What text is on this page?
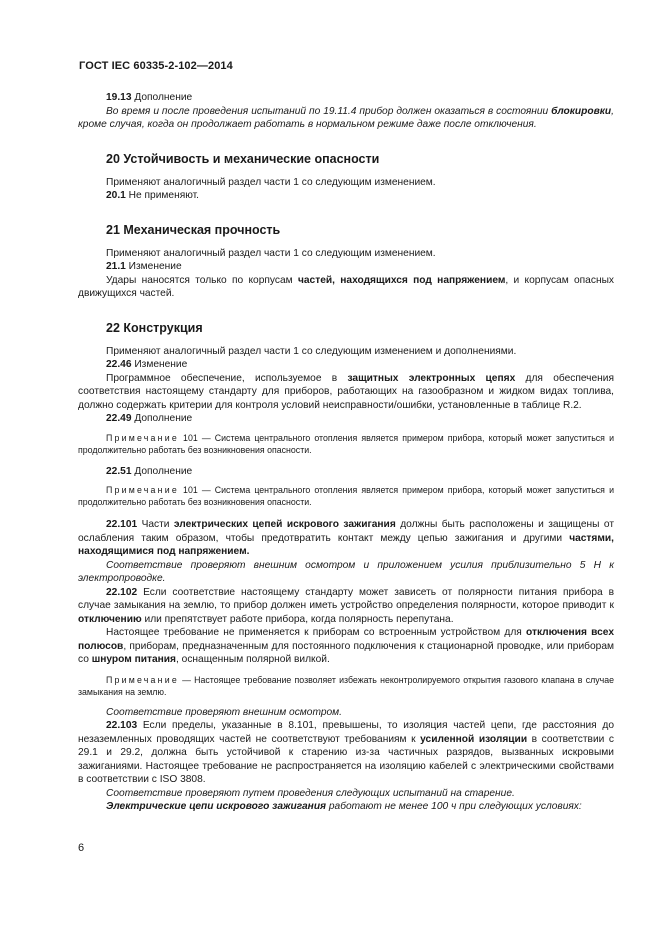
ГОСТ IEC 60335-2-102—2014

19.13 Дополнение

Во время и после проведения испытаний по 19.11.4 прибор должен оказаться в состоянии блокировки, кроме случая, когда он продолжает работать в нормальном режиме даже после отключения.

20 Устойчивость и механические опасности

Применяют аналогичный раздел части 1 со следующим изменением.

20.1 Не применяют.

21 Механическая прочность

Применяют аналогичный раздел части 1 со следующим изменением.

21.1 Изменение

Удары наносятся только по корпусам частей, находящихся под напряжением, и корпусам опасных движущихся частей.

22 Конструкция

Применяют аналогичный раздел части 1 со следующим изменением и дополнениями.

22.46 Изменение

Программное обеспечение, используемое в защитных электронных цепях для обеспечения соответствия настоящему стандарту для приборов, работающих на газообразном и жидком видах топлива, должно содержать критерии для контроля условий неисправности/ошибки, установленные в таблице R.2.

22.49 Дополнение

Примечание 101 — Система центрального отопления является примером прибора, который может запуститься и продолжительно работать без возникновения опасности.

22.51 Дополнение

Примечание 101 — Система центрального отопления является примером прибора, который может запуститься и продолжительно работать без возникновения опасности.

22.101 Части электрических цепей искрового зажигания должны быть расположены и защищены от ослабления таким образом, чтобы предотвратить контакт между цепью зажигания и другими частями, находящимися под напряжением.

Соответствие проверяют внешним осмотром и приложением усилия приблизительно 5 Н к электропроводке.

22.102 Если соответствие настоящему стандарту может зависеть от полярности питания прибора в случае замыкания на землю, то прибор должен иметь устройство определения полярности, которое приводит к отключению или препятствует работе прибора, когда полярность перепутана.

Настоящее требование не применяется к приборам со встроенным устройством для отключения всех полюсов, приборам, предназначенным для постоянного подключения к стационарной проводке, или приборам со шнуром питания, оснащенным полярной вилкой.

Примечание — Настоящее требование позволяет избежать неконтролируемого открытия газового клапана в случае замыкания на землю.

Соответствие проверяют внешним осмотром.

22.103 Если пределы, указанные в 8.101, превышены, то изоляция частей цепи, где расстояния до незаземленных проводящих частей не соответствуют требованиям к усиленной изоляции в соответствии с 29.1 и 29.2, должна быть устойчивой к старению из-за частичных разрядов, вызванных искровыми зажиганиями. Настоящее требование не распространяется на изоляцию кабелей с электрическими свойствами в соответствии с ISO 3808.

Соответствие проверяют путем проведения следующих испытаний на старение.

Электрические цепи искрового зажигания работают не менее 100 ч при следующих условиях:

6
